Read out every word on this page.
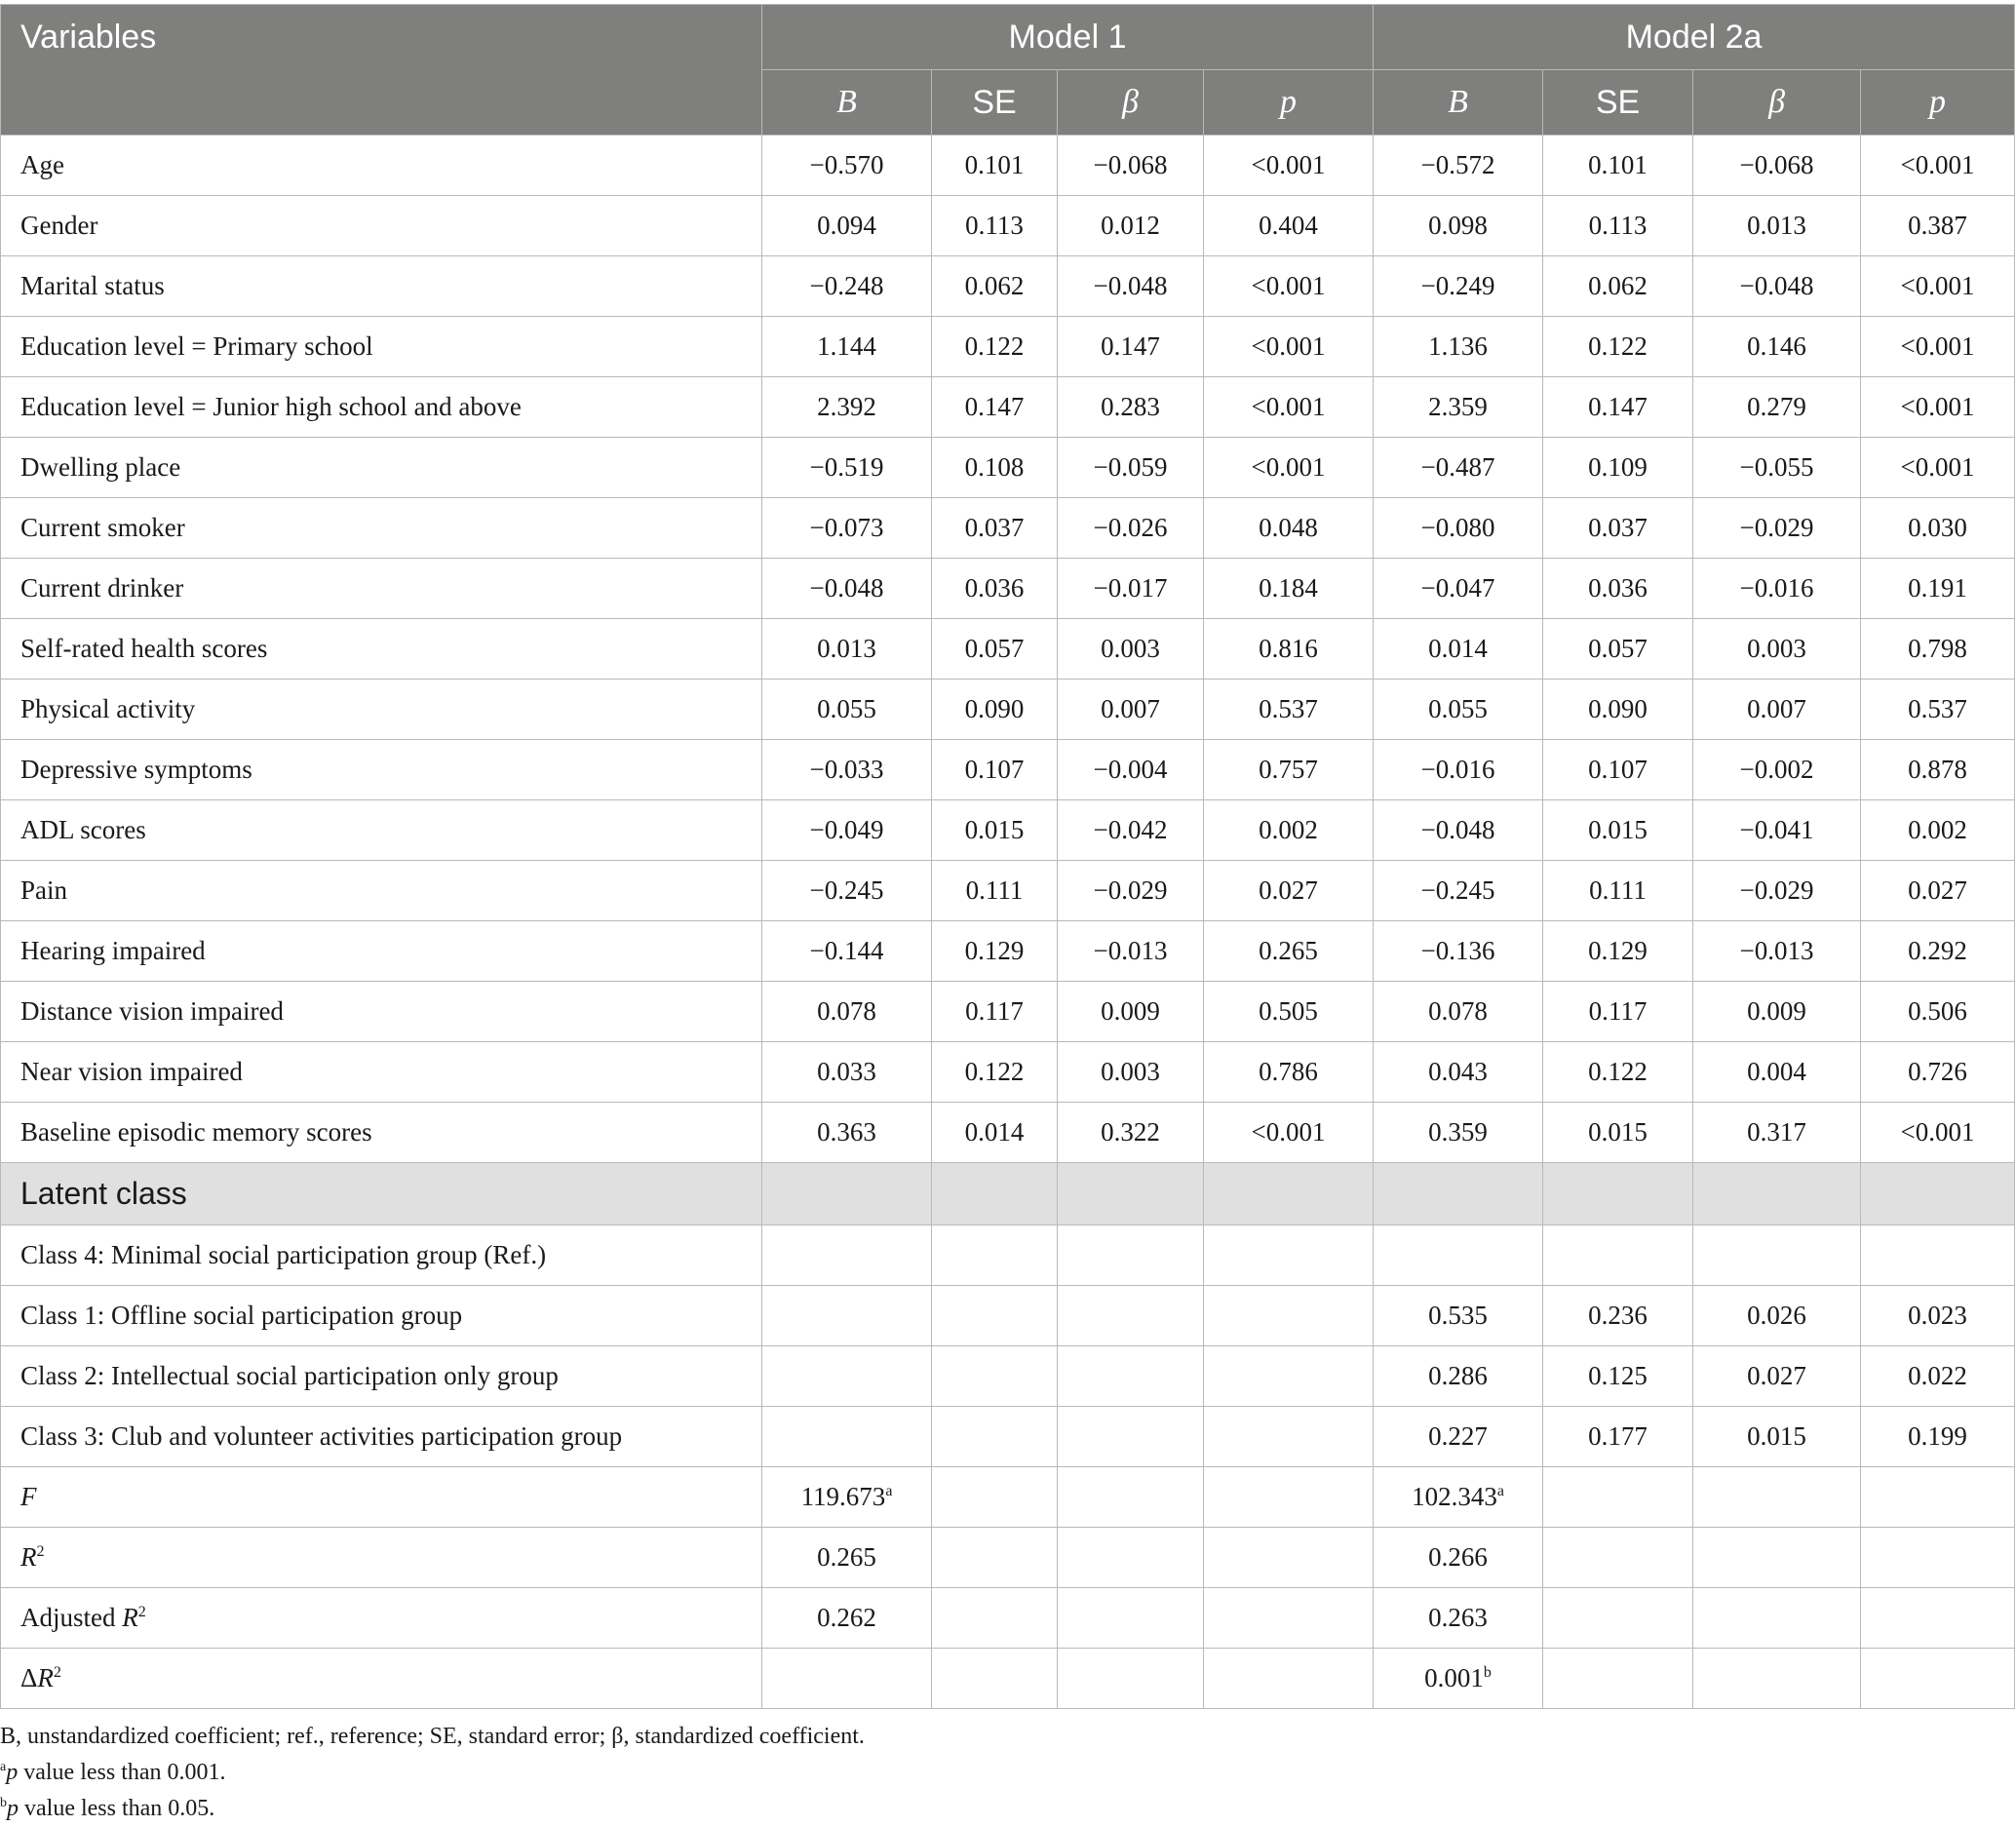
Variables	Model 1				Model 2a			
	B	SE	β	p	B	SE	β	p
Age	−0.570	0.101	−0.068	<0.001	−0.572	0.101	−0.068	<0.001
Gender	0.094	0.113	0.012	0.404	0.098	0.113	0.013	0.387
Marital status	−0.248	0.062	−0.048	<0.001	−0.249	0.062	−0.048	<0.001
Education level = Primary school	1.144	0.122	0.147	<0.001	1.136	0.122	0.146	<0.001
Education level = Junior high school and above	2.392	0.147	0.283	<0.001	2.359	0.147	0.279	<0.001
Dwelling place	−0.519	0.108	−0.059	<0.001	−0.487	0.109	−0.055	<0.001
Current smoker	−0.073	0.037	−0.026	0.048	−0.080	0.037	−0.029	0.030
Current drinker	−0.048	0.036	−0.017	0.184	−0.047	0.036	−0.016	0.191
Self-rated health scores	0.013	0.057	0.003	0.816	0.014	0.057	0.003	0.798
Physical activity	0.055	0.090	0.007	0.537	0.055	0.090	0.007	0.537
Depressive symptoms	−0.033	0.107	−0.004	0.757	−0.016	0.107	−0.002	0.878
ADL scores	−0.049	0.015	−0.042	0.002	−0.048	0.015	−0.041	0.002
Pain	−0.245	0.111	−0.029	0.027	−0.245	0.111	−0.029	0.027
Hearing impaired	−0.144	0.129	−0.013	0.265	−0.136	0.129	−0.013	0.292
Distance vision impaired	0.078	0.117	0.009	0.505	0.078	0.117	0.009	0.506
Near vision impaired	0.033	0.122	0.003	0.786	0.043	0.122	0.004	0.726
Baseline episodic memory scores	0.363	0.014	0.322	<0.001	0.359	0.015	0.317	<0.001
Latent class								
Class 4: Minimal social participation group (Ref.)								
Class 1: Offline social participation group					0.535	0.236	0.026	0.023
Class 2: Intellectual social participation only group					0.286	0.125	0.027	0.022
Class 3: Club and volunteer activities participation group					0.227	0.177	0.015	0.199
F	119.673$^a$				102.343$^a$			
$R^2$	0.265				0.266			
Adjusted $R^2$	0.262				0.263			
$\Delta R^2$					0.001$^b$			
B, unstandardized coefficient; ref., reference; SE, standard error; β, standardized coefficient.
$^a$p value less than 0.001.
$^b$p value less than 0.05.
